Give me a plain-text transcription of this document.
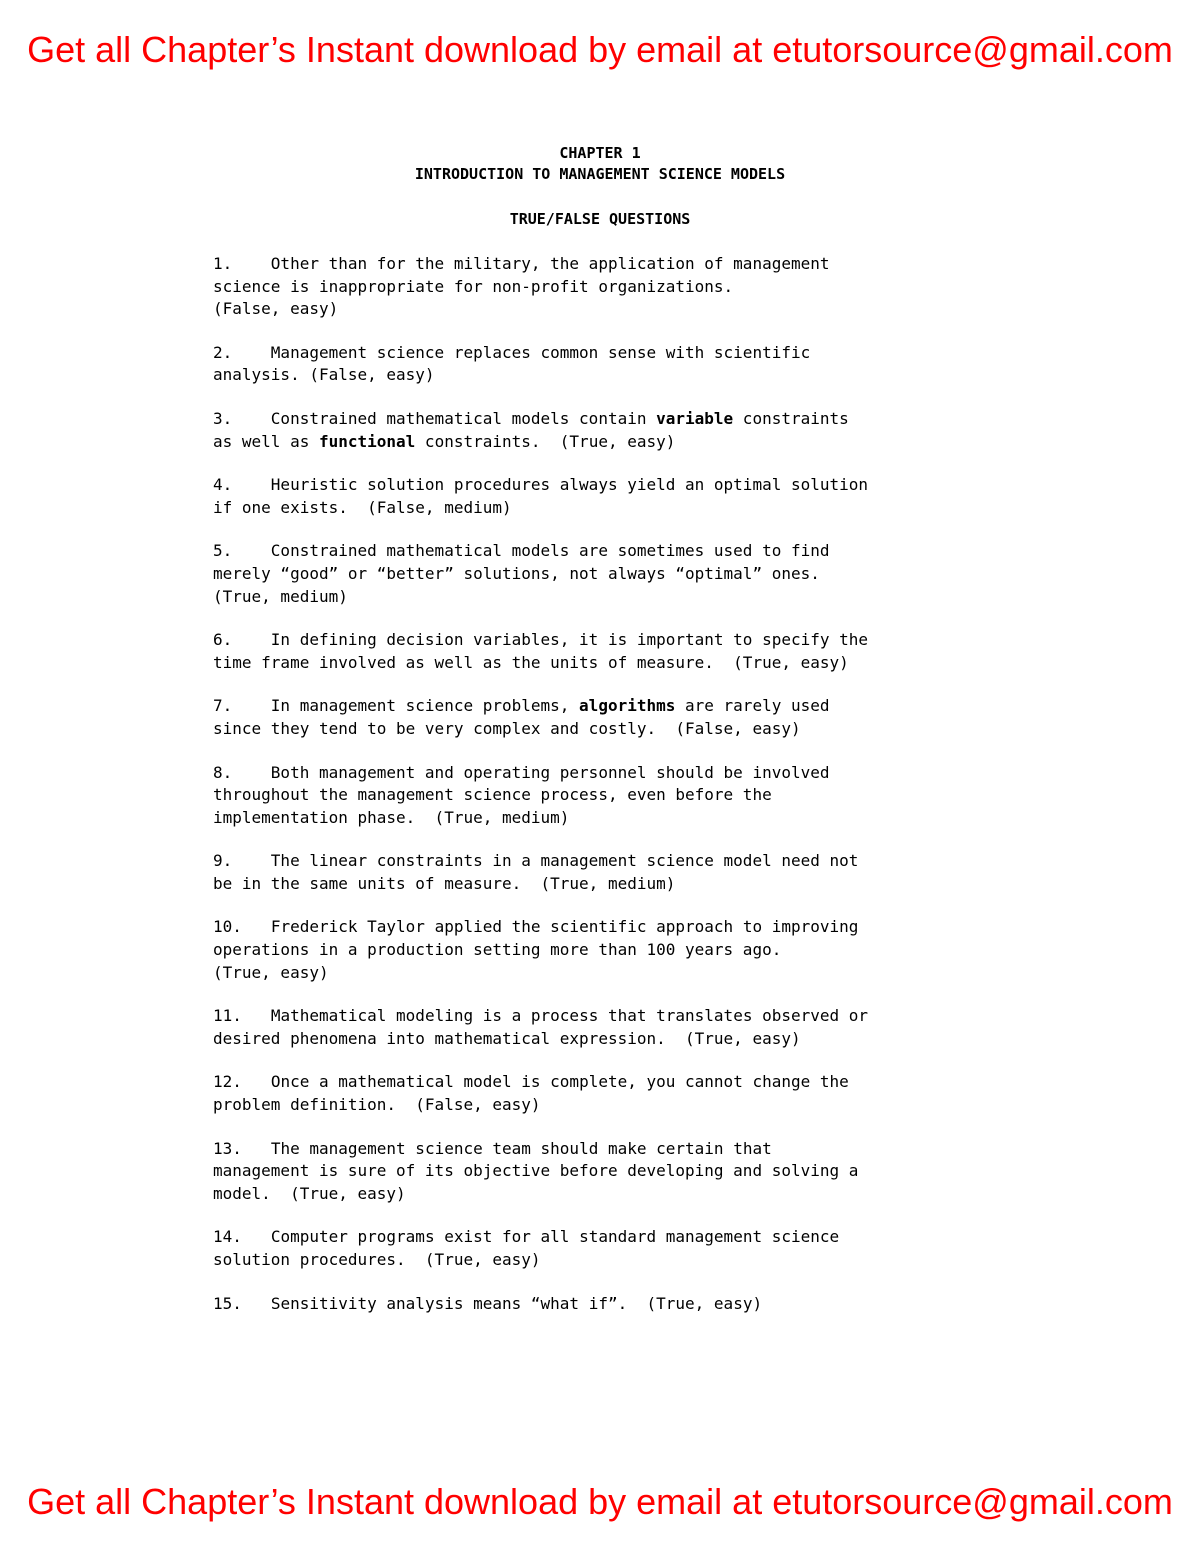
Get all Chapter’s Instant download by email at etutorsource@gmail.com
CHAPTER 1
INTRODUCTION TO MANAGEMENT SCIENCE MODELS
TRUE/FALSE QUESTIONS
1. Other than for the military, the application of management
science is inappropriate for non-profit organizations.
(False, easy)
2. Management science replaces common sense with scientific
analysis. (False, easy)
3. Constrained mathematical models contain variable constraints
as well as functional constraints.  (True, easy)
4. Heuristic solution procedures always yield an optimal solution
if one exists.  (False, medium)
5. Constrained mathematical models are sometimes used to find
merely “good” or “better” solutions, not always “optimal” ones.
(True, medium)
6. In defining decision variables, it is important to specify the
time frame involved as well as the units of measure.  (True, easy)
7. In management science problems, algorithms are rarely used
since they tend to be very complex and costly.  (False, easy)
8. Both management and operating personnel should be involved
throughout the management science process, even before the
implementation phase.  (True, medium)
9. The linear constraints in a management science model need not
be in the same units of measure.  (True, medium)
10. Frederick Taylor applied the scientific approach to improving
operations in a production setting more than 100 years ago.
(True, easy)
11. Mathematical modeling is a process that translates observed or
desired phenomena into mathematical expression.  (True, easy)
12. Once a mathematical model is complete, you cannot change the
problem definition.  (False, easy)
13. The management science team should make certain that
management is sure of its objective before developing and solving a
model.  (True, easy)
14. Computer programs exist for all standard management science
solution procedures.  (True, easy)
15. Sensitivity analysis means “what if”.  (True, easy)
Get all Chapter’s Instant download by email at etutorsource@gmail.com
